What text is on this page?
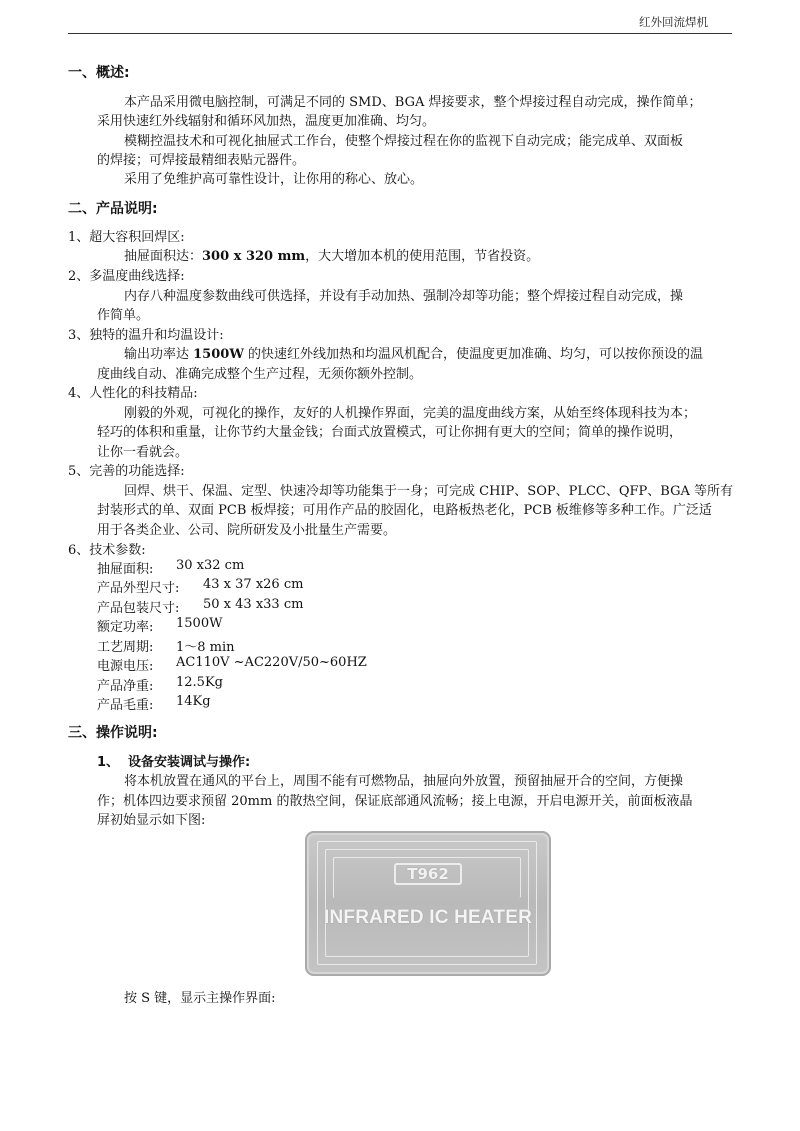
红外回流焊机
一、概述:
本产品采用微电脑控制，可满足不同的 SMD、BGA 焊接要求，整个焊接过程自动完成，操作简单；
采用快速红外线辐射和循环风加热，温度更加准确、均匀。
模糊控温技术和可视化抽屉式工作台，使整个焊接过程在你的监视下自动完成；能完成单、双面板
的焊接；可焊接最精细表贴元器件。
采用了免维护高可靠性设计，让你用的称心、放心。
二、产品说明:
1、超大容积回焊区:
抽屉面积达：300 x 320 mm，大大增加本机的使用范围，节省投资。
2、多温度曲线选择:
内存八种温度参数曲线可供选择，并设有手动加热、强制冷却等功能；整个焊接过程自动完成，操
作简单。
3、独特的温升和均温设计:
输出功率达 1500W 的快速红外线加热和均温风机配合，使温度更加准确、均匀，可以按你预设的温
度曲线自动、准确完成整个生产过程，无须你额外控制。
4、人性化的科技精品:
刚毅的外观，可视化的操作，友好的人机操作界面，完美的温度曲线方案，从始至终体现科技为本；
轻巧的体积和重量，让你节约大量金钱；台面式放置模式，可让你拥有更大的空间；简单的操作说明，
让你一看就会。
5、完善的功能选择:
回焊、烘干、保温、定型、快速冷却等功能集于一身；可完成 CHIP、SOP、PLCC、QFP、BGA 等所有
封装形式的单、双面 PCB 板焊接；可用作产品的胶固化，电路板热老化，PCB 板维修等多种工作。广泛适
用于各类企业、公司、院所研发及小批量生产需要。
6、技术参数:
抽屉面积: 30 x32 cm
产品外型尺寸: 43 x 37 x26 cm
产品包装尺寸: 50 x 43 x33 cm
额定功率: 1500W
工艺周期: 1～8 min
电源电压: AC110V ~AC220V/50~60HZ
产品净重: 12.5Kg
产品毛重: 14Kg
三、操作说明:
1、 设备安装调试与操作:
将本机放置在通风的平台上，周围不能有可燃物品，抽屉向外放置，预留抽屉开合的空间，方便操
作；机体四边要求预留 20mm 的散热空间，保证底部通风流畅；接上电源，开启电源开关，前面板液晶
屏初始显示如下图:
T962
INFRARED IC HEATER
按 S 键，显示主操作界面:
